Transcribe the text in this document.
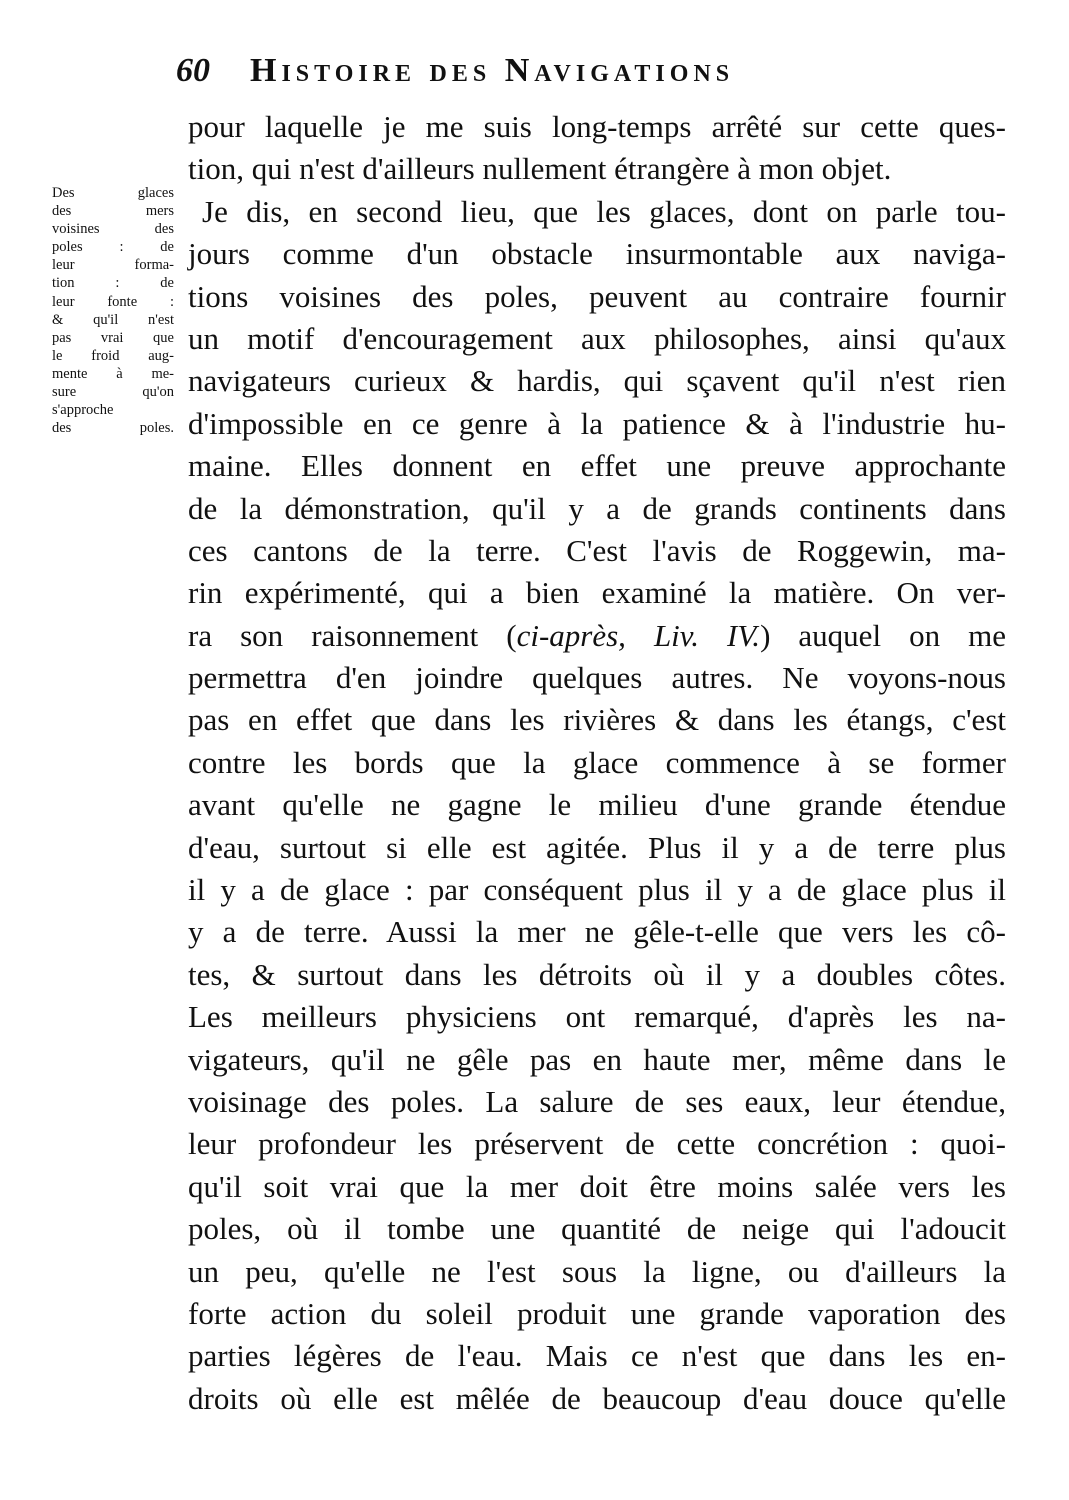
60 Histoire des Navigations
Des glaces
des mers
voisines des
poles : de
leur forma-
tion : de
leur fonte :
& qu'il n'est
pas vrai que
le froid aug-
mente à me-
sure qu'on
s'approche
des poles.
pour laquelle je me suis long-temps arrêté sur cette ques-
tion, qui n'est d'ailleurs nullement étrangère à mon objet.
Je dis, en second lieu, que les glaces, dont on parle tou-
jours comme d'un obstacle insurmontable aux naviga-
tions voisines des poles, peuvent au contraire fournir
un motif d'encouragement aux philosophes, ainsi qu'aux
navigateurs curieux & hardis, qui sçavent qu'il n'est rien
d'impossible en ce genre à la patience & à l'industrie hu-
maine. Elles donnent en effet une preuve approchante
de la démonstration, qu'il y a de grands continents dans
ces cantons de la terre. C'est l'avis de Roggewin, ma-
rin expérimenté, qui a bien examiné la matière. On ver-
ra son raisonnement (ci-après, Liv. IV.) auquel on me
permettra d'en joindre quelques autres. Ne voyons-nous
pas en effet que dans les rivières & dans les étangs, c'est
contre les bords que la glace commence à se former
avant qu'elle ne gagne le milieu d'une grande étendue
d'eau, surtout si elle est agitée. Plus il y a de terre plus
il y a de glace : par conséquent plus il y a de glace plus il
y a de terre. Aussi la mer ne gêle-t-elle que vers les cô-
tes, & surtout dans les détroits où il y a doubles côtes.
Les meilleurs physiciens ont remarqué, d'après les na-
vigateurs, qu'il ne gêle pas en haute mer, même dans le
voisinage des poles. La salure de ses eaux, leur étendue,
leur profondeur les préservent de cette concrétion : quoi-
qu'il soit vrai que la mer doit être moins salée vers les
poles, où il tombe une quantité de neige qui l'adoucit
un peu, qu'elle ne l'est sous la ligne, ou d'ailleurs la
forte action du soleil produit une grande vaporation des
parties légères de l'eau. Mais ce n'est que dans les en-
droits où elle est mêlée de beaucoup d'eau douce qu'elle
